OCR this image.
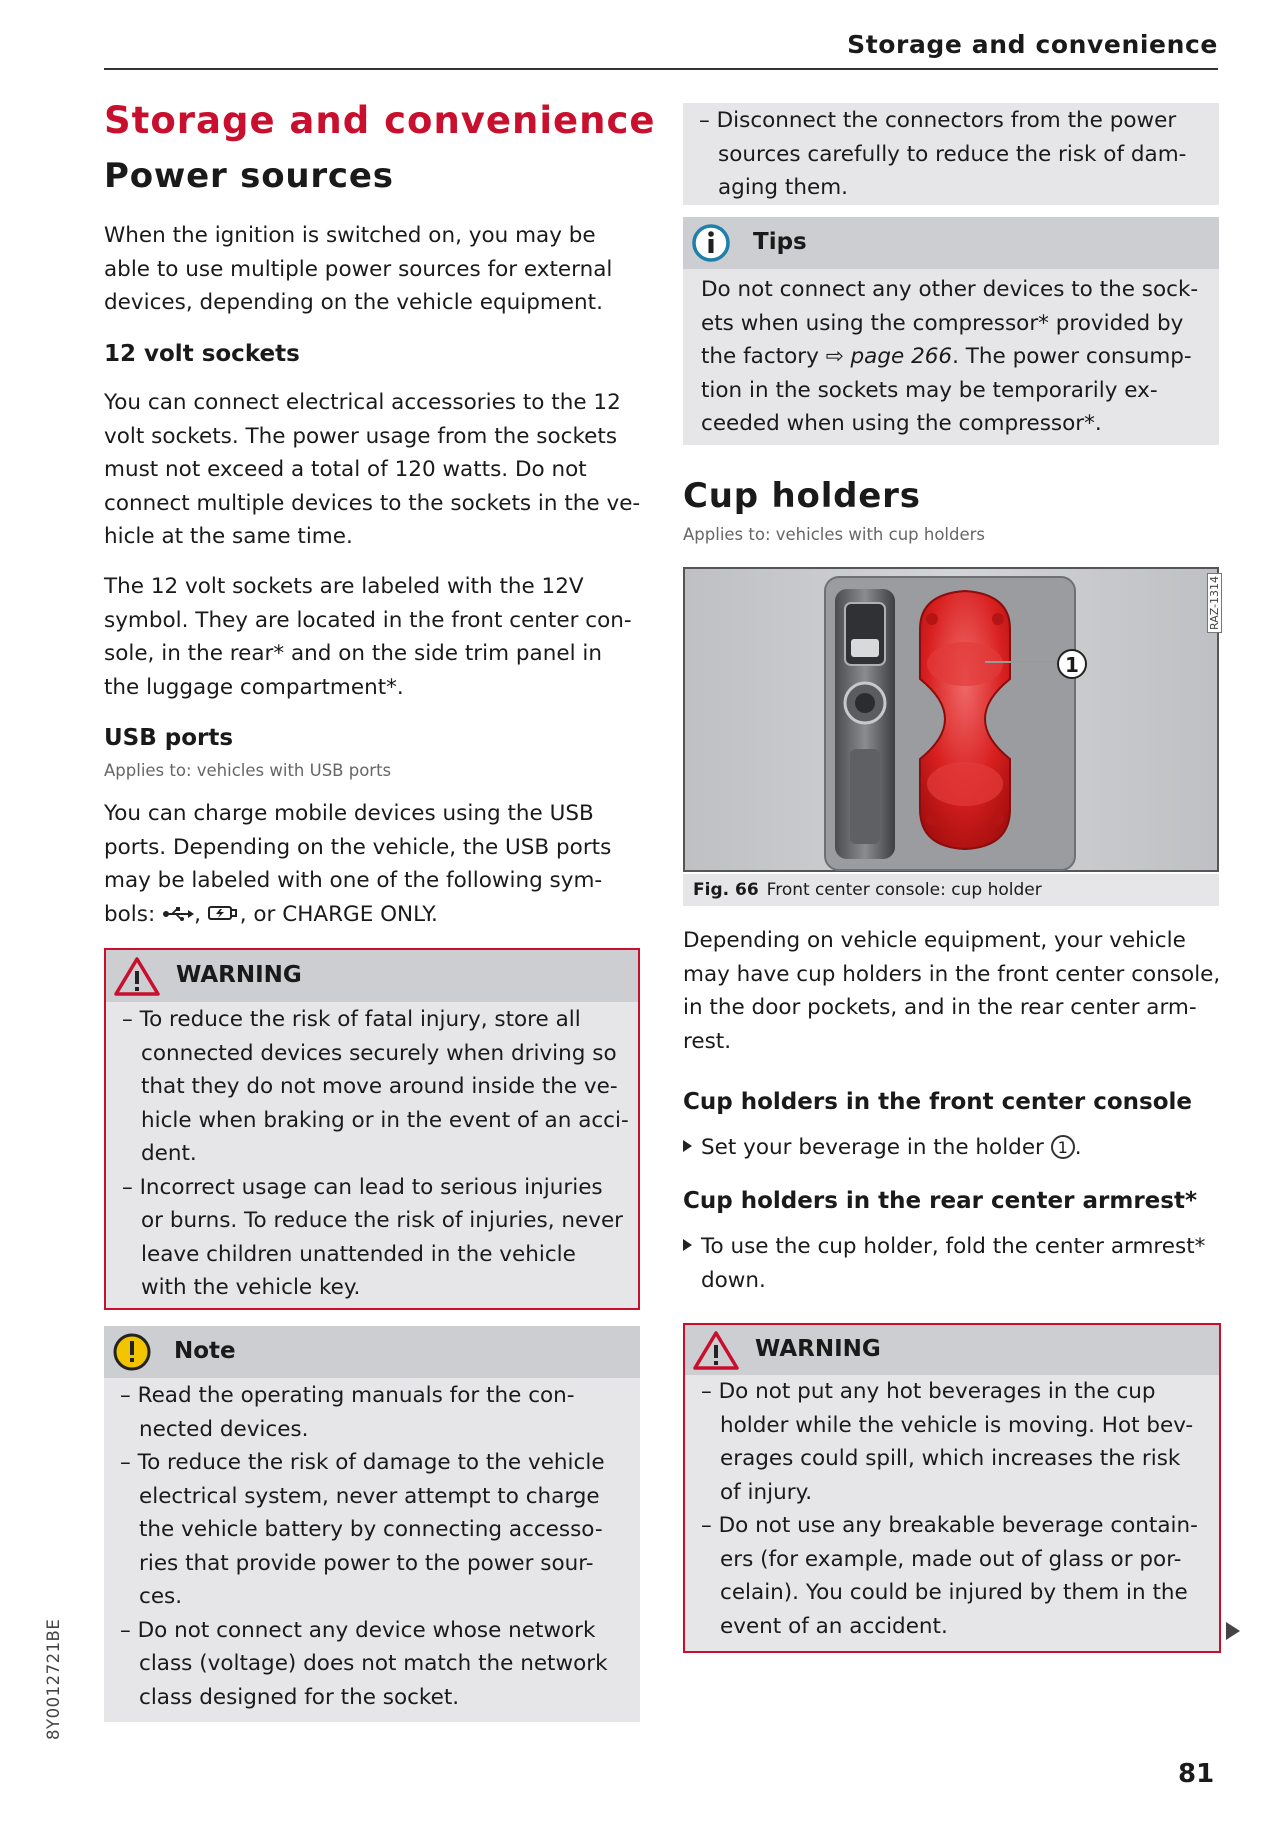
Storage and convenience
Storage and convenience
Power sources

When the ignition is switched on, you may be
able to use multiple power sources for external
devices, depending on the vehicle equipment.

12 volt sockets

You can connect electrical accessories to the 12
volt sockets. The power usage from the sockets
must not exceed a total of 120 watts. Do not
connect multiple devices to the sockets in the ve-
hicle at the same time.

The 12 volt sockets are labeled with the 12V
symbol. They are located in the front center con-
sole, in the rear* and on the side trim panel in
the luggage compartment*.

USB ports

Applies to: vehicles with USB ports

You can charge mobile devices using the USB
ports. Depending on the vehicle, the USB ports
may be labeled with one of the following sym-
bols: , , or CHARGE ONLY.

WARNING
– To reduce the risk of fatal injury, store all
connected devices securely when driving so
that they do not move around inside the ve-
hicle when braking or in the event of an acci-
dent.
– Incorrect usage can lead to serious injuries
or burns. To reduce the risk of injuries, never
leave children unattended in the vehicle
with the vehicle key.
Note
– Read the operating manuals for the con-
nected devices.
– To reduce the risk of damage to the vehicle
electrical system, never attempt to charge
the vehicle battery by connecting accesso-
ries that provide power to the power sour-
ces.
– Do not connect any device whose network
class (voltage) does not match the network
class designed for the socket.
– Disconnect the connectors from the power
sources carefully to reduce the risk of dam-
aging them.
Tips
Do not connect any other devices to the sock-
ets when using the compressor* provided by
the factory ⇨ page 266. The power consump-
tion in the sockets may be temporarily ex-
ceeded when using the compressor*.
Cup holders

Applies to: vehicles with cup holders

1
RAZ-1314
Fig. 66 Front center console: cup holder

Depending on vehicle equipment, your vehicle
may have cup holders in the front center console,
in the door pockets, and in the rear center arm-
rest.

Cup holders in the front center console

Set your beverage in the holder 1 .

Cup holders in the rear center armrest*

To use the cup holder, fold the center armrest*
down.

WARNING
– Do not put any hot beverages in the cup
holder while the vehicle is moving. Hot bev-
erages could spill, which increases the risk
of injury.
– Do not use any breakable beverage contain-
ers (for example, made out of glass or por-
celain). You could be injured by them in the
event of an accident.
8Y0012721BE
81
